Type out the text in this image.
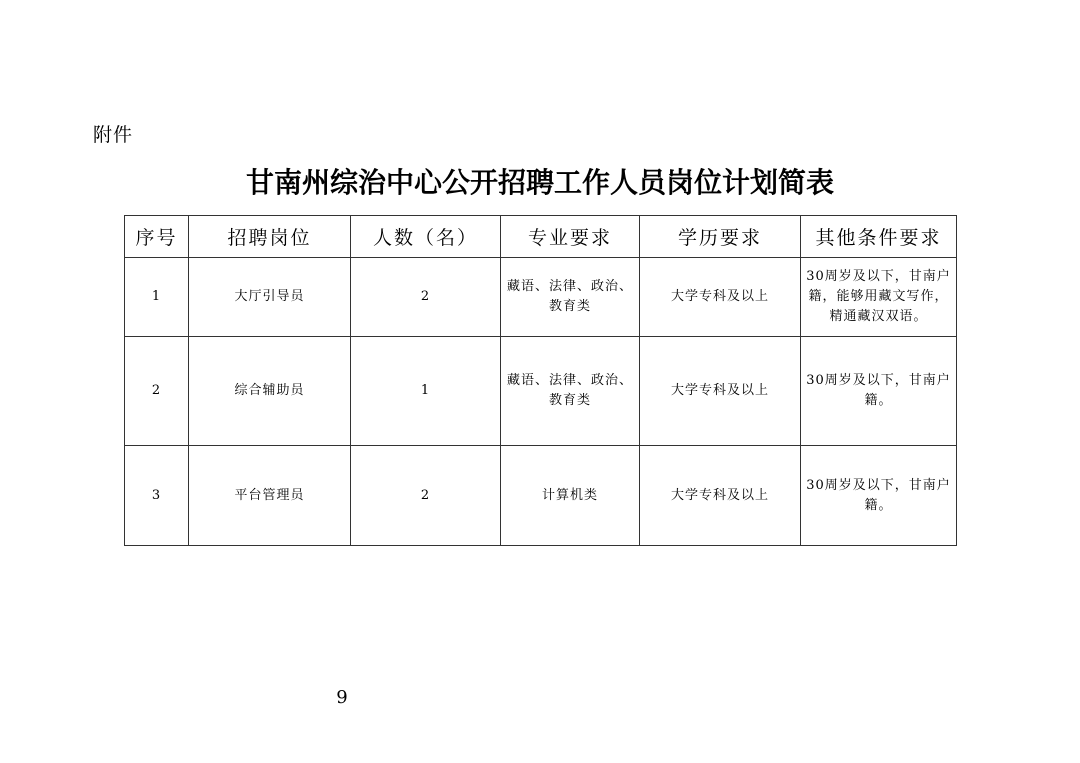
附件
甘南州综治中心公开招聘工作人员岗位计划简表
序号	招聘岗位	人数（名）	专业要求	学历要求	其他条件要求
1	大厅引导员	2	藏语、法律、政治、教育类	大学专科及以上	30周岁及以下，甘南户籍，能够用藏文写作，精通藏汉双语。
2	综合辅助员	1	藏语、法律、政治、教育类	大学专科及以上	30周岁及以下，甘南户籍。
3	平台管理员	2	计算机类	大学专科及以上	30周岁及以下，甘南户籍。
9
